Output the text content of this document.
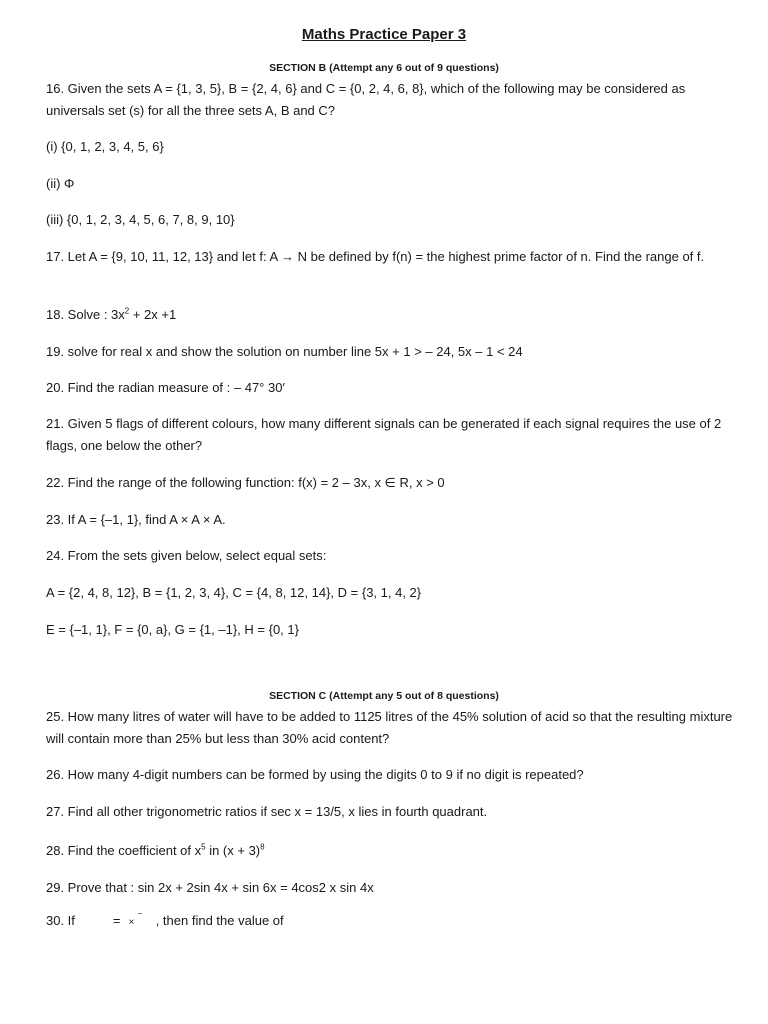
Maths Practice Paper 3
SECTION B (Attempt any 6 out of 9 questions)
16. Given the sets A = {1, 3, 5}, B = {2, 4, 6} and C = {0, 2, 4, 6, 8}, which of the following may be considered as universals set (s) for all the three sets A, B and C?
(i) {0, 1, 2, 3, 4, 5, 6}
(ii) Φ
(iii) {0, 1, 2, 3, 4, 5, 6, 7, 8, 9, 10}
17. Let A = {9, 10, 11, 12, 13} and let f: A → N be defined by f(n) = the highest prime factor of n. Find the range of f.
18. Solve : $3x^2 + 2x +1$
19. solve for real x and show the solution on number line 5x + 1 > – 24, 5x – 1 < 24
20. Find the radian measure of : – 47° 30′
21. Given 5 flags of different colours, how many different signals can be generated if each signal requires the use of 2 flags, one below the other?
22. Find the range of the following function: f(x) = 2 – 3x, x ∈ R, x > 0
23. If A = {–1, 1}, find A × A × A.
24. From the sets given below, select equal sets:
A = {2, 4, 8, 12}, B = {1, 2, 3, 4}, C = {4, 8, 12, 14}, D = {3, 1, 4, 2}
E = {–1, 1}, F = {0, a}, G = {1, –1}, H = {0, 1}
SECTION C (Attempt any 5 out of 8 questions)
25. How many litres of water will have to be added to 1125 litres of the 45% solution of acid so that the resulting mixture will contain more than 25% but less than 30% acid content?
26. How many 4-digit numbers can be formed by using the digits 0 to 9 if no digit is repeated?
27. Find all other trigonometric ratios if sec x = 13/5, x lies in fourth quadrant.
28. Find the coefficient of $x^5$ in $(x + 3)^8$
29. Prove that : sin 2x + 2sin 4x + sin 6x = 4cos2 x sin 4x
30. If	= × ‾ , then find the value of
